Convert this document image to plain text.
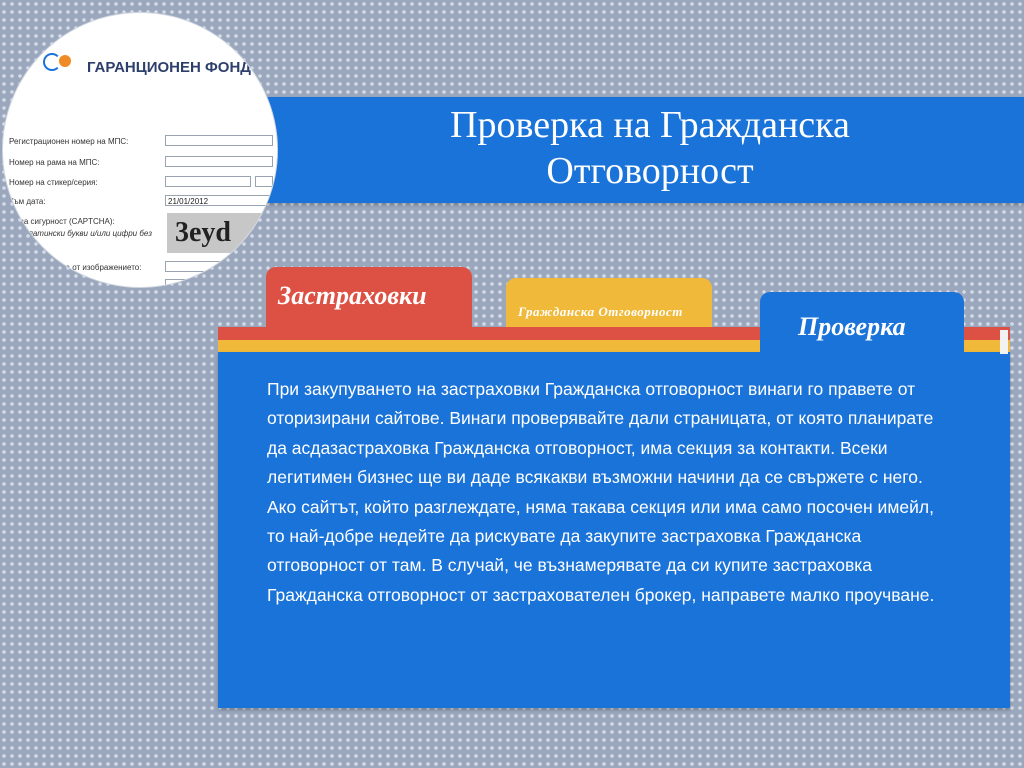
Проверка на Гражданска
Отговорност
ГАРАНЦИОНЕН ФОНД
Регистрационен номер на МПС:
Номер на рама на МПС:
Номер на стикер/серия:
Към дата:	21/01/2012
од за сигурност (CAPTCHA):
алки латински букви и/или цифри без
евали)	3eyd
кода от изображението:
Застраховки
Гражданска Отговорност
Проверка
При закупуването на застраховки Гражданска отговорност винаги го правете от оторизирани сайтове. Винаги проверявайте дали страницата, от която планирате да асдазастраховка Гражданска отговорност, има секция за контакти. Всеки легитимен бизнес ще ви даде всякакви възможни начини да се свържете с него. Ако сайтът, който разглеждате, няма такава секция или има само посочен имейл, то най-добре недейте да рискувате да закупите застраховка Гражданска отговорност от там. В случай, че възнамерявате да си купите застраховка Гражданска отговорност от застрахователен брокер, направете малко проучване.
